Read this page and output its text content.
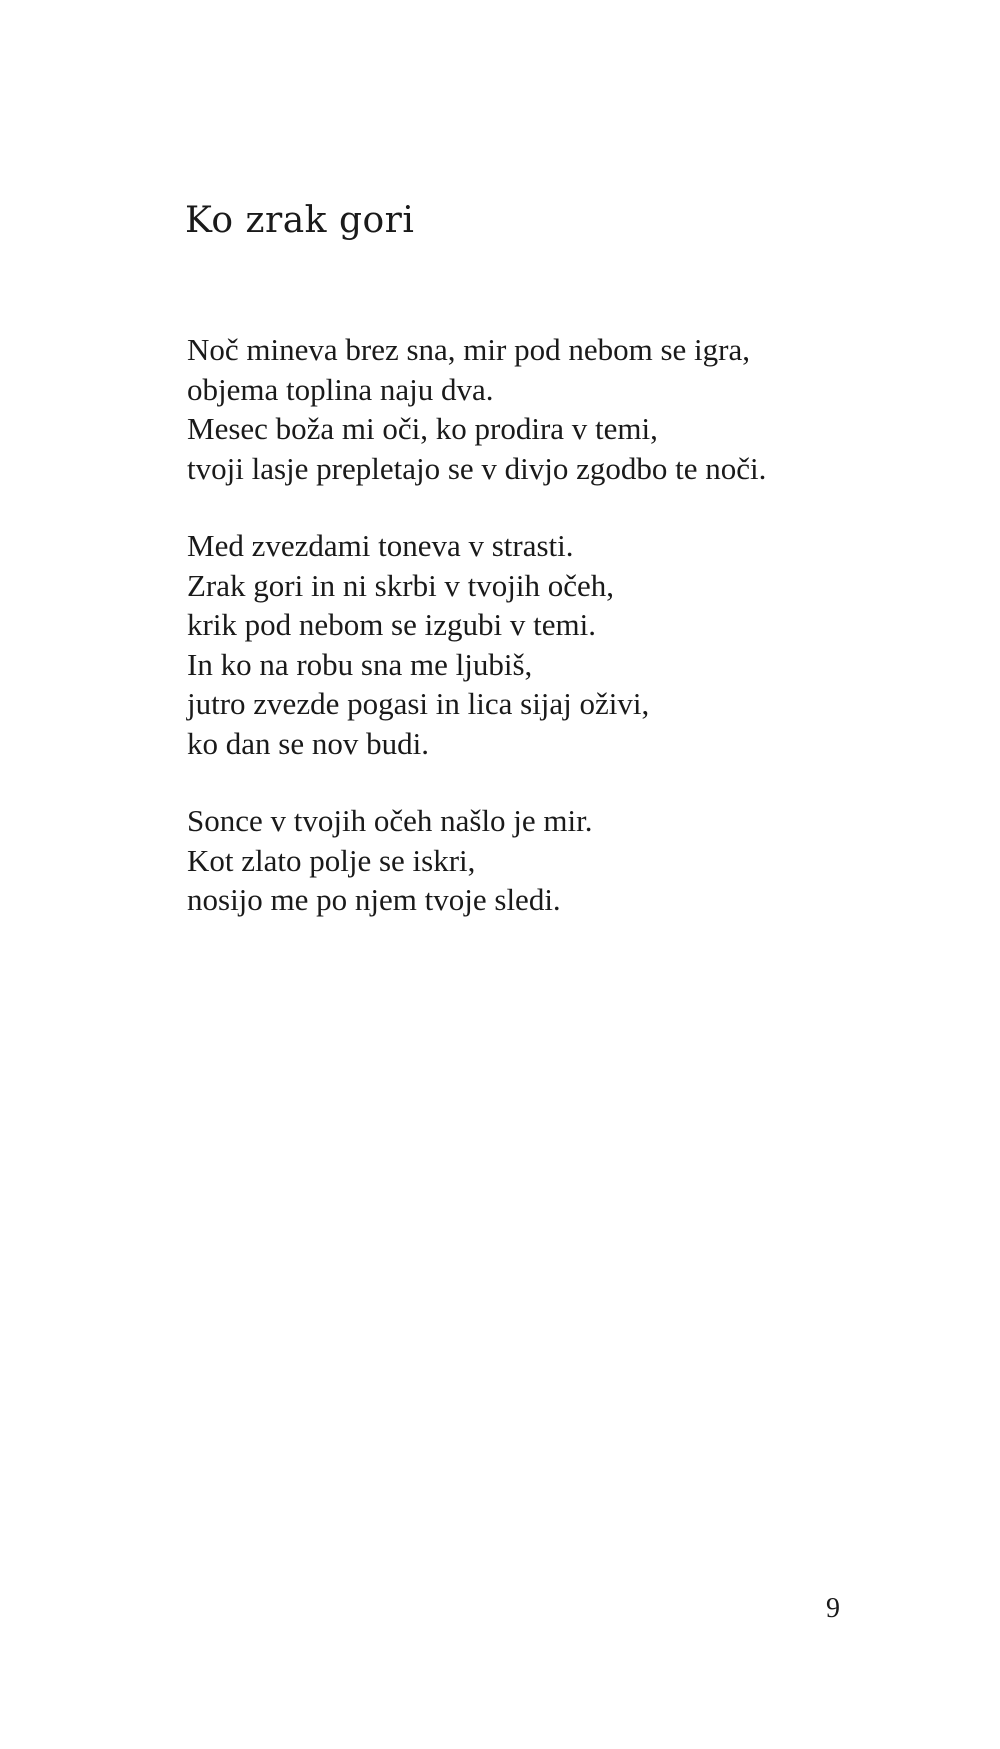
Ko zrak gori
Noč mineva brez sna, mir pod nebom se igra,
objema toplina naju dva.
Mesec boža mi oči, ko prodira v temi,
tvoji lasje prepletajo se v divjo zgodbo te noči.
Med zvezdami toneva v strasti.
Zrak gori in ni skrbi v tvojih očeh,
krik pod nebom se izgubi v temi.
In ko na robu sna me ljubiš,
jutro zvezde pogasi in lica sijaj oživi,
ko dan se nov budi.
Sonce v tvojih očeh našlo je mir.
Kot zlato polje se iskri,
nosijo me po njem tvoje sledi.
9
